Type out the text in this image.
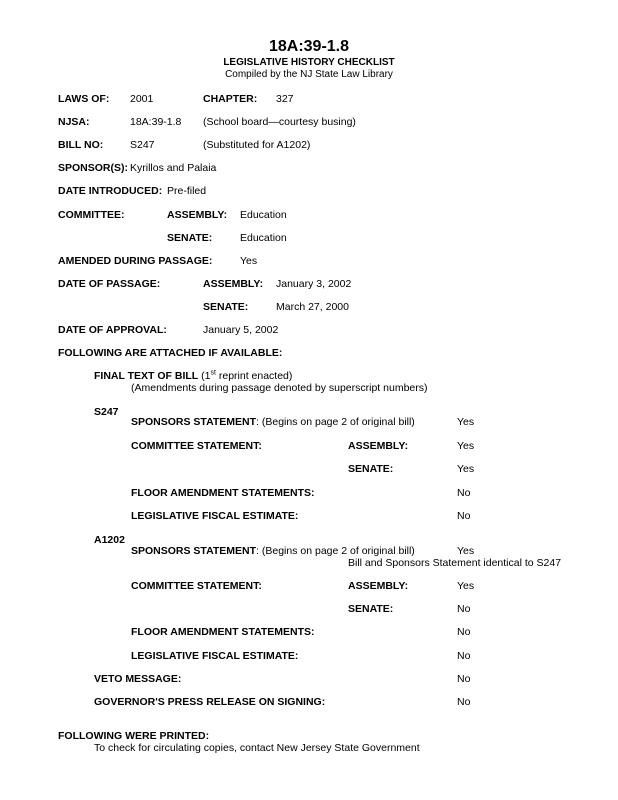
18A:39-1.8
LEGISLATIVE HISTORY CHECKLIST
Compiled by the NJ State Law Library
LAWS OF: 2001	CHAPTER: 327
NJSA:	18A:39-1.8 (School board—courtesy busing)
BILL NO:	S247	(Substituted for A1202)
SPONSOR(S): Kyrillos and Palaia
DATE INTRODUCED: Pre-filed
COMMITTEE:	ASSEMBLY: Education
SENATE:	Education
AMENDED DURING PASSAGE:	Yes
DATE OF PASSAGE:	ASSEMBLY: January 3, 2002
SENATE:	March 27, 2000
DATE OF APPROVAL:	January 5, 2002
FOLLOWING ARE ATTACHED IF AVAILABLE:
FINAL TEXT OF BILL (1st reprint enacted)
(Amendments during passage denoted by superscript numbers)
S247
SPONSORS STATEMENT: (Begins on page 2 of original bill)	Yes
COMMITTEE STATEMENT:	ASSEMBLY:	Yes
SENATE:	Yes
FLOOR AMENDMENT STATEMENTS:	No
LEGISLATIVE FISCAL ESTIMATE:	No
A1202
SPONSORS STATEMENT: (Begins on page 2 of original bill)	Yes
Bill and Sponsors Statement identical to S247
COMMITTEE STATEMENT:	ASSEMBLY:	Yes
SENATE:	No
FLOOR AMENDMENT STATEMENTS:	No
LEGISLATIVE FISCAL ESTIMATE:	No
VETO MESSAGE:	No
GOVERNOR'S PRESS RELEASE ON SIGNING:	No
FOLLOWING WERE PRINTED:
To check for circulating copies, contact New Jersey State Government
